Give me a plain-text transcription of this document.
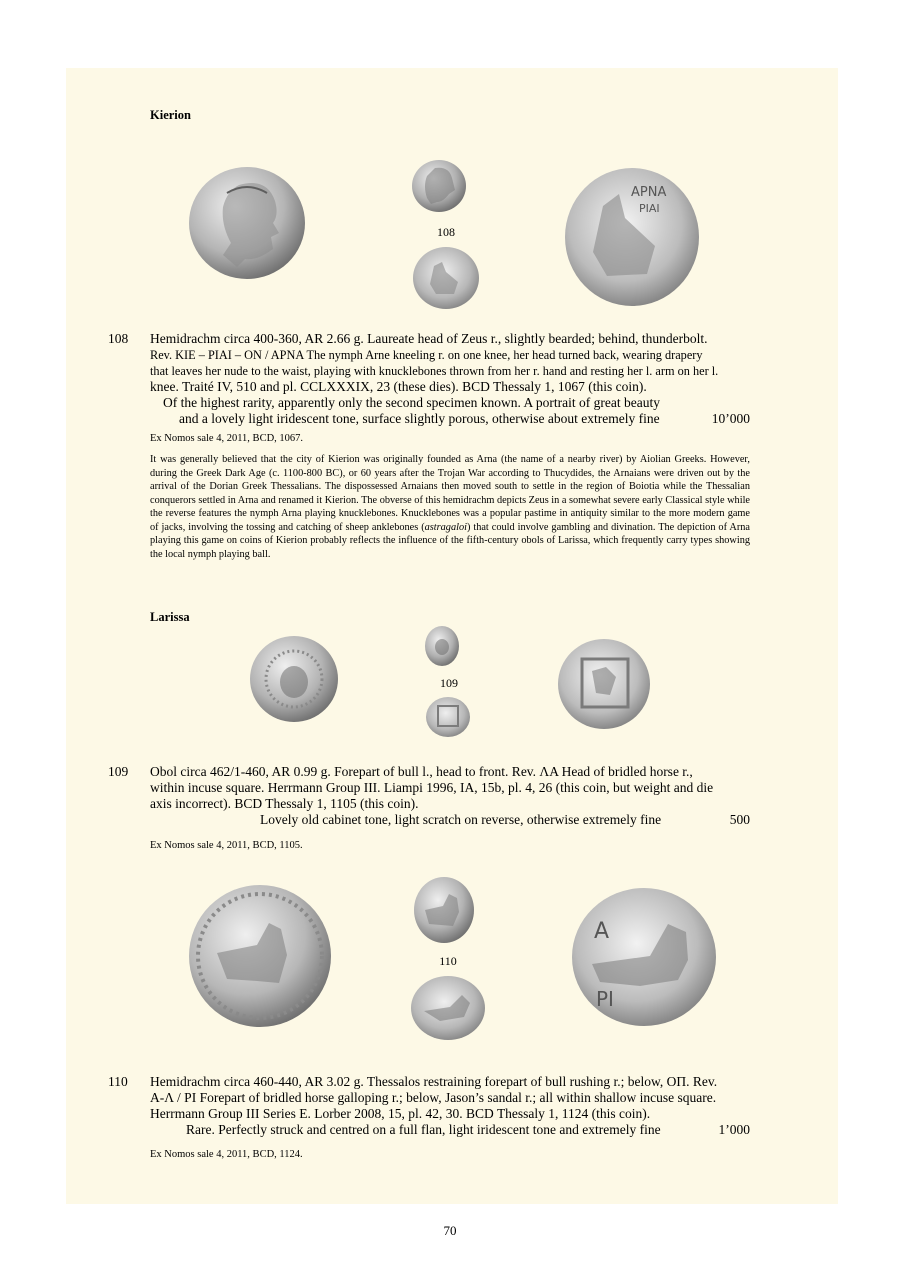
Kierion
108
APNA
PIAI
108 Hemidrachm circa 400-360, AR 2.66 g. Laureate head of Zeus r., slightly bearded; behind, thunderbolt.
Rev. KIE – PIAI – ON / APNA The nymph Arne kneeling r. on one knee, her head turned back, wearing drapery
that leaves her nude to the waist, playing with knucklebones thrown from her r. hand and resting her l. arm on her l.
knee. Traité IV, 510 and pl. CCLXXXIX, 23 (these dies). BCD Thessaly 1, 1067 (this coin).
Of the highest rarity, apparently only the second specimen known. A portrait of great beauty
and a lovely light iridescent tone, surface slightly porous, otherwise about extremely fine	10’000
Ex Nomos sale 4, 2011, BCD, 1067.
It was generally believed that the city of Kierion was originally founded as Arna (the name of a nearby river) by Aiolian Greeks. However, during the Greek Dark Age (c. 1100-800 BC), or 60 years after the Trojan War according to Thucydides, the Arnaians were driven out by the arrival of the Dorian Greek Thessalians. The dispossessed Arnaians then moved south to settle in the region of Boiotia while the Thessalian conquerors settled in Arna and renamed it Kierion. The obverse of this hemidrachm depicts Zeus in a somewhat severe early Classical style while the reverse features the nymph Arna playing knucklebones. Knucklebones was a popular pastime in antiquity similar to the more modern game of jacks, involving the tossing and catching of sheep anklebones (astragaloi) that could involve gambling and divination. The depiction of Arna playing this game on coins of Kierion probably reflects the influence of the fifth-century obols of Larissa, which frequently carry types showing the local nymph playing ball.
Larissa
109
109 Obol circa 462/1-460, AR 0.99 g. Forepart of bull l., head to front. Rev. ΛA Head of bridled horse r.,
within incuse square. Herrmann Group III. Liampi 1996, IA, 15b, pl. 4, 26 (this coin, but weight and die
axis incorrect). BCD Thessaly 1, 1105 (this coin).
Lovely old cabinet tone, light scratch on reverse, otherwise extremely fine	500
Ex Nomos sale 4, 2011, BCD, 1105.
110
A
PI
110 Hemidrachm circa 460-440, AR 3.02 g. Thessalos restraining forepart of bull rushing r.; below, OΠ. Rev.
A-Λ / PI Forepart of bridled horse galloping r.; below, Jason’s sandal r.; all within shallow incuse square.
Herrmann Group III Series E. Lorber 2008, 15, pl. 42, 30. BCD Thessaly 1, 1124 (this coin).
Rare. Perfectly struck and centred on a full flan, light iridescent tone and extremely fine	1’000
Ex Nomos sale 4, 2011, BCD, 1124.
70
